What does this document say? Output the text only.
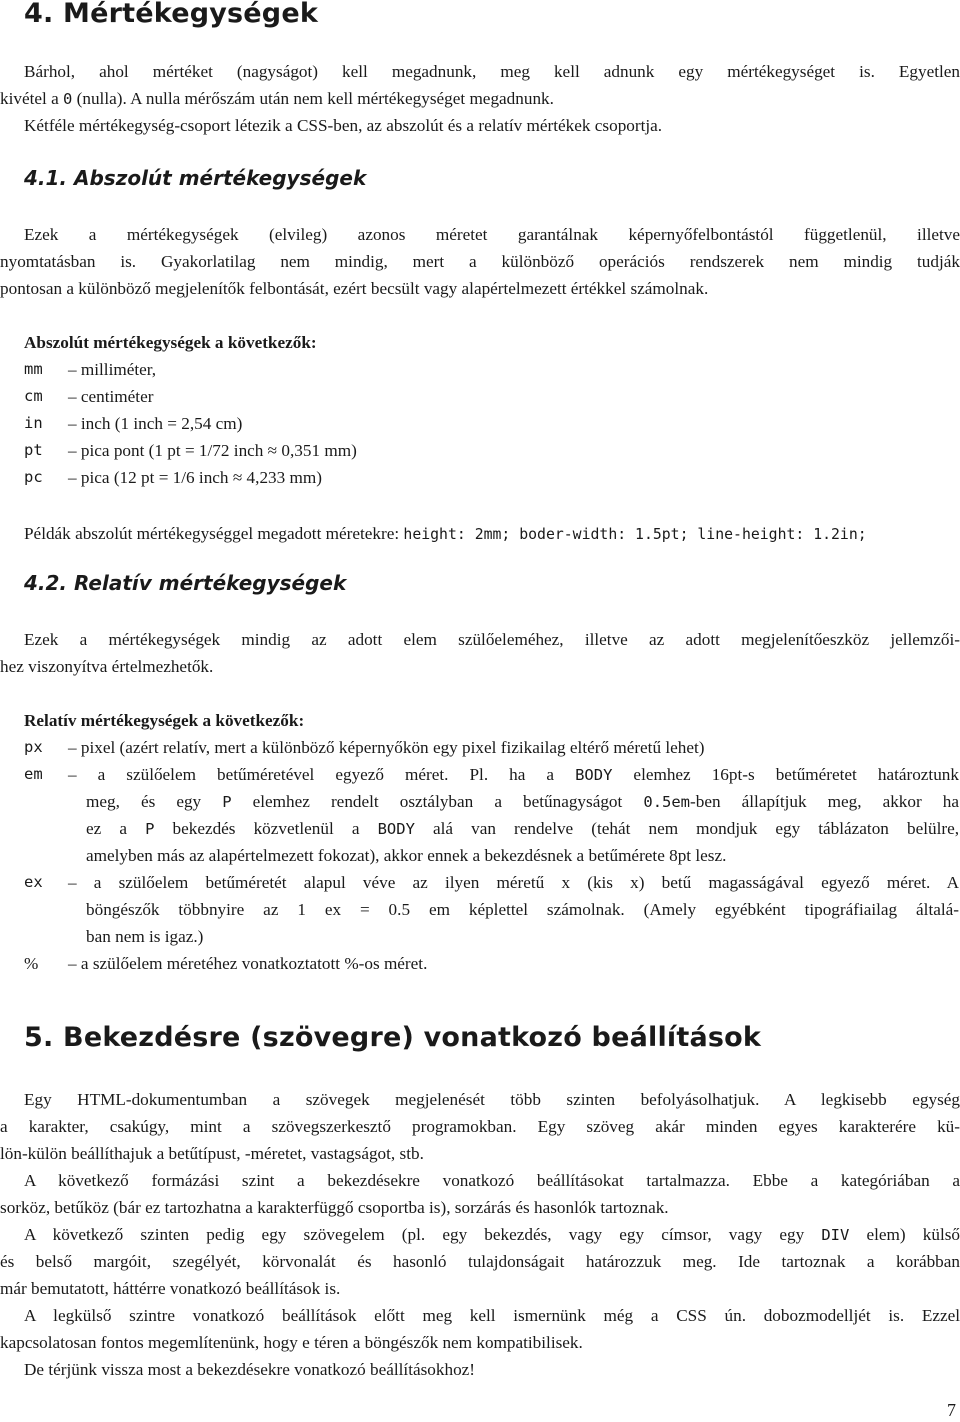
4. Mértékegységek
Bárhol, ahol mértéket (nagyságot) kell megadnunk, meg kell adnunk egy mértékegységet is. Egyetlen
kivétel a 0 (nulla). A nulla mérőszám után nem kell mértékegységet megadnunk.
Kétféle mértékegység-csoport létezik a CSS-ben, az abszolút és a relatív mértékek csoportja.
4.1. Abszolút mértékegységek
Ezek a mértékegységek (elvileg) azonos méretet garantálnak képernyőfelbontástól függetlenül, illetve
nyomtatásban is. Gyakorlatilag nem mindig, mert a különböző operációs rendszerek nem mindig tudják
pontosan a különböző megjelenítők felbontását, ezért becsült vagy alapértelmezett értékkel számolnak.
Abszolút mértékegységek a következők:
mm – milliméter,
cm – centiméter
in – inch (1 inch = 2,54 cm)
pt – pica pont (1 pt = 1/72 inch ≈ 0,351 mm)
pc – pica (12 pt = 1/6 inch ≈ 4,233 mm)
Példák abszolút mértékegységgel megadott méretekre: height: 2mm; boder-width: 1.5pt; line-height: 1.2in;
4.2. Relatív mértékegységek
Ezek a mértékegységek mindig az adott elem szülőeleméhez, illetve az adott megjelenítőeszköz jellemzői-
hez viszonyítva értelmezhetők.
Relatív mértékegységek a következők:
px – pixel (azért relatív, mert a különböző képernyőkön egy pixel fizikailag eltérő méretű lehet)
em – a szülőelem betűméretével egyező méret. Pl. ha a BODY elemhez 16pt-s betűméretet határoztunk
meg, és egy P elemhez rendelt osztályban a betűnagyságot 0.5em-ben állapítjuk meg, akkor ha
ez a P bekezdés közvetlenül a BODY alá van rendelve (tehát nem mondjuk egy táblázaton belülre,
amelyben más az alapértelmezett fokozat), akkor ennek a bekezdésnek a betűmérete 8pt lesz.
ex – a szülőelem betűméretét alapul véve az ilyen méretű x (kis x) betű magasságával egyező méret. A
böngészők többnyire az 1 ex = 0.5 em képlettel számolnak. (Amely egyébként tipográfiailag általá-
ban nem is igaz.)
% – a szülőelem méretéhez vonatkoztatott %-os méret.
5. Bekezdésre (szövegre) vonatkozó beállítások
Egy HTML-dokumentumban a szövegek megjelenését több szinten befolyásolhatjuk. A legkisebb egység
a karakter, csakúgy, mint a szövegszerkesztő programokban. Egy szöveg akár minden egyes karakterére kü-
lön-külön beállíthajuk a betűtípust, -méretet, vastagságot, stb.
A következő formázási szint a bekezdésekre vonatkozó beállításokat tartalmazza. Ebbe a kategóriában a
sorköz, betűköz (bár ez tartozhatna a karakterfüggő csoportba is), sorzárás és hasonlók tartoznak.
A következő szinten pedig egy szövegelem (pl. egy bekezdés, vagy egy címsor, vagy egy DIV elem) külső
és belső margóit, szegélyét, körvonalát és hasonló tulajdonságait határozzuk meg. Ide tartoznak a korábban
már bemutatott, háttérre vonatkozó beállítások is.
A legkülső szintre vonatkozó beállítások előtt meg kell ismernünk még a CSS ún. dobozmodelljét is. Ezzel
kapcsolatosan fontos megemlítenünk, hogy e téren a böngészők nem kompatibilisek.
De térjünk vissza most a bekezdésekre vonatkozó beállításokhoz!
7
